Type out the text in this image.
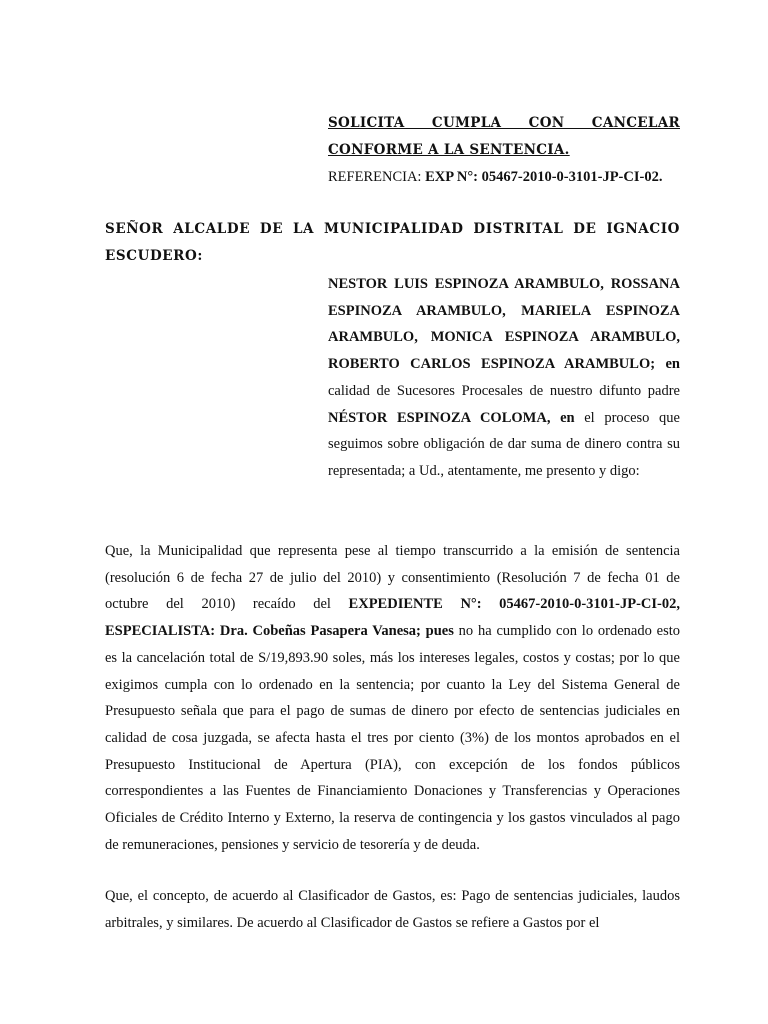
SOLICITA CUMPLA CON CANCELAR
CONFORME A LA SENTENCIA.
REFERENCIA: EXP N°: 05467-2010-0-3101-JP-CI-02.
SEÑOR ALCALDE DE LA MUNICIPALIDAD DISTRITAL DE IGNACIO ESCUDERO:
NESTOR LUIS ESPINOZA ARAMBULO, ROSSANA ESPINOZA ARAMBULO, MARIELA ESPINOZA ARAMBULO, MONICA ESPINOZA ARAMBULO, ROBERTO CARLOS ESPINOZA ARAMBULO; en calidad de Sucesores Procesales de nuestro difunto padre NÉSTOR ESPINOZA COLOMA, en el proceso que seguimos sobre obligación de dar suma de dinero contra su representada; a Ud., atentamente, me presento y digo:

Que, la Municipalidad que representa pese al tiempo transcurrido a la emisión de sentencia (resolución 6 de fecha 27 de julio del 2010) y consentimiento (Resolución 7 de fecha 01 de octubre del 2010) recaído del EXPEDIENTE N°: 05467-2010-0-3101-JP-CI-02, ESPECIALISTA: Dra. Cobeñas Pasapera Vanesa; pues no ha cumplido con lo ordenado esto es la cancelación total de S/19,893.90 soles, más los intereses legales, costos y costas; por lo que exigimos cumpla con lo ordenado en la sentencia; por cuanto la Ley del Sistema General de Presupuesto señala que para el pago de sumas de dinero por efecto de sentencias judiciales en calidad de cosa juzgada, se afecta hasta el tres por ciento (3%) de los montos aprobados en el Presupuesto Institucional de Apertura (PIA), con excepción de los fondos públicos correspondientes a las Fuentes de Financiamiento Donaciones y Transferencias y Operaciones Oficiales de Crédito Interno y Externo, la reserva de contingencia y los gastos vinculados al pago de remuneraciones, pensiones y servicio de tesorería y de deuda.

Que, el concepto, de acuerdo al Clasificador de Gastos, es: Pago de sentencias judiciales, laudos arbitrales, y similares. De acuerdo al Clasificador de Gastos se refiere a Gastos por el
